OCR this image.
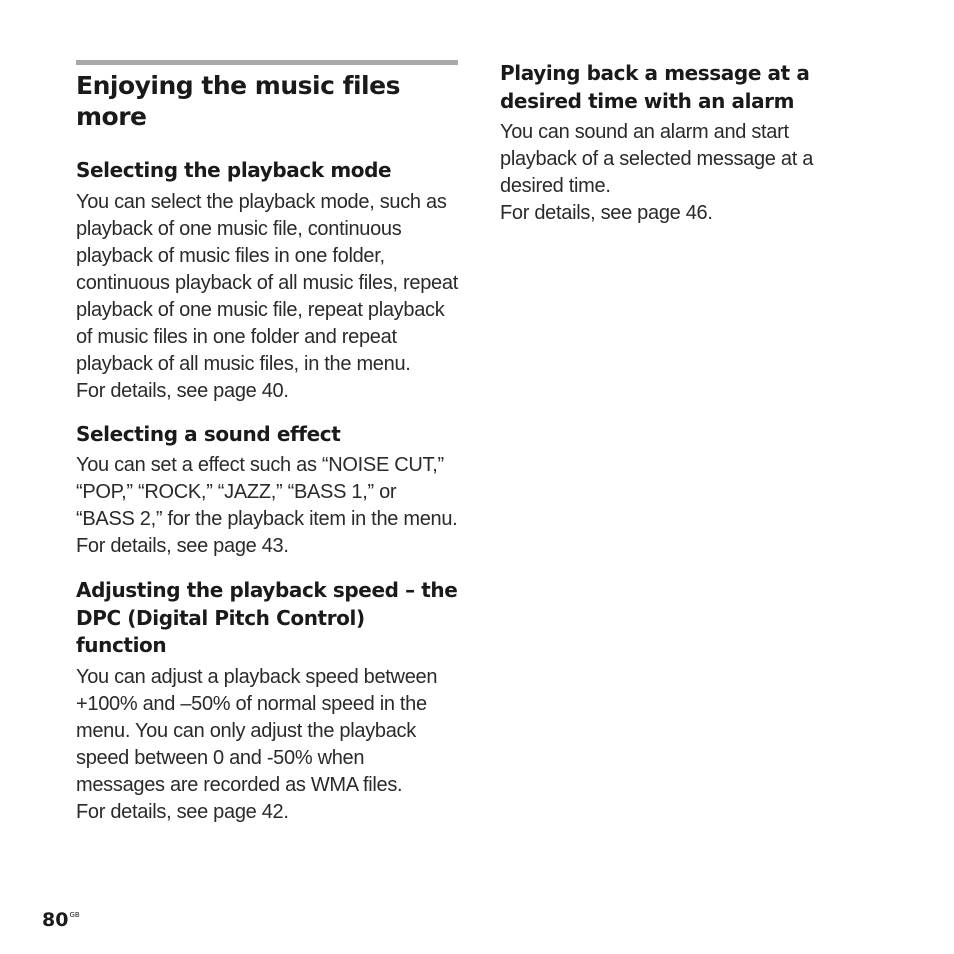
Enjoying the music files more
Selecting the playback mode

You can select the playback mode, such as playback of one music file, continuous playback of music files in one folder, continuous playback of all music files, repeat playback of one music file, repeat playback of music files in one folder and repeat playback of all music files, in the menu.

For details, see page 40.

Selecting a sound effect

You can set a effect such as “NOISE CUT,” “POP,” “ROCK,” “JAZZ,” “BASS 1,” or “BASS 2,” for the playback item in the menu.

For details, see page 43.

Adjusting the playback speed – the DPC (Digital Pitch Control) function

You can adjust a playback speed between +100% and –50% of normal speed in the menu. You can only adjust the playback speed between 0 and -50% when messages are recorded as WMA files.

For details, see page 42.

Playing back a message at a desired time with an alarm

You can sound an alarm and start playback of a selected message at a desired time.

For details, see page 46.

$80^{GB}$
